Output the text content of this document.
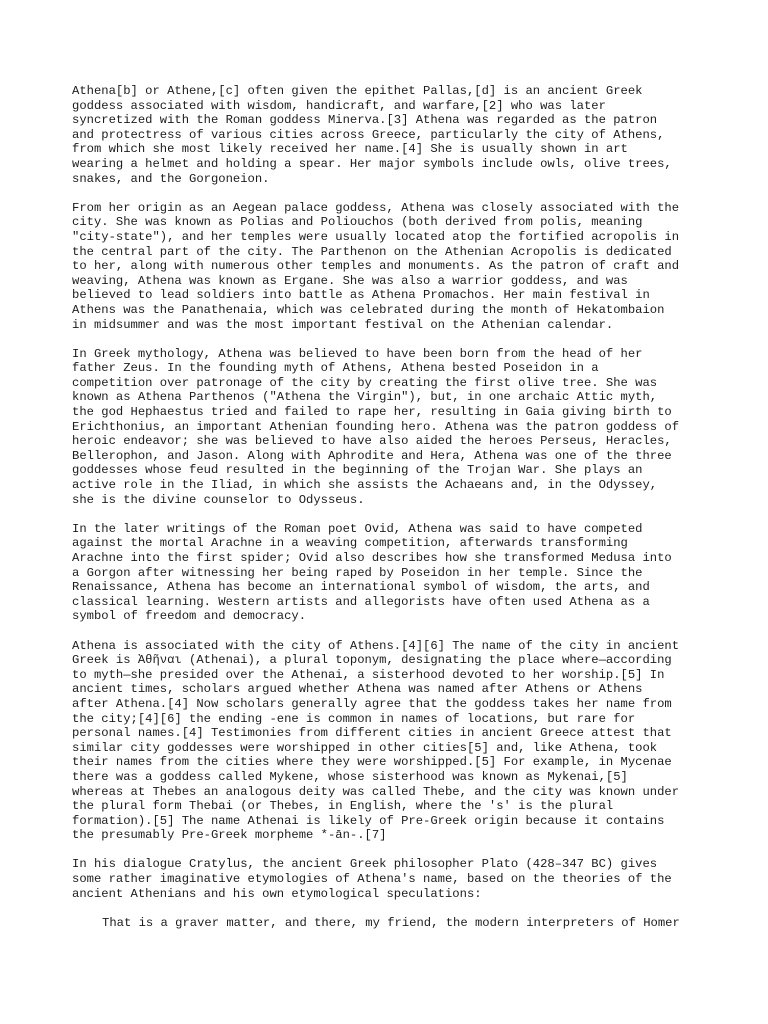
Athena[b] or Athene,[c] often given the epithet Pallas,[d] is an ancient Greek
goddess associated with wisdom, handicraft, and warfare,[2] who was later
syncretized with the Roman goddess Minerva.[3] Athena was regarded as the patron
and protectress of various cities across Greece, particularly the city of Athens,
from which she most likely received her name.[4] She is usually shown in art
wearing a helmet and holding a spear. Her major symbols include owls, olive trees,
snakes, and the Gorgoneion.

From her origin as an Aegean palace goddess, Athena was closely associated with the
city. She was known as Polias and Poliouchos (both derived from polis, meaning
"city-state"), and her temples were usually located atop the fortified acropolis in
the central part of the city. The Parthenon on the Athenian Acropolis is dedicated
to her, along with numerous other temples and monuments. As the patron of craft and
weaving, Athena was known as Ergane. She was also a warrior goddess, and was
believed to lead soldiers into battle as Athena Promachos. Her main festival in
Athens was the Panathenaia, which was celebrated during the month of Hekatombaion
in midsummer and was the most important festival on the Athenian calendar.

In Greek mythology, Athena was believed to have been born from the head of her
father Zeus. In the founding myth of Athens, Athena bested Poseidon in a
competition over patronage of the city by creating the first olive tree. She was
known as Athena Parthenos ("Athena the Virgin"), but, in one archaic Attic myth,
the god Hephaestus tried and failed to rape her, resulting in Gaia giving birth to
Erichthonius, an important Athenian founding hero. Athena was the patron goddess of
heroic endeavor; she was believed to have also aided the heroes Perseus, Heracles,
Bellerophon, and Jason. Along with Aphrodite and Hera, Athena was one of the three
goddesses whose feud resulted in the beginning of the Trojan War. She plays an
active role in the Iliad, in which she assists the Achaeans and, in the Odyssey,
she is the divine counselor to Odysseus.

In the later writings of the Roman poet Ovid, Athena was said to have competed
against the mortal Arachne in a weaving competition, afterwards transforming
Arachne into the first spider; Ovid also describes how she transformed Medusa into
a Gorgon after witnessing her being raped by Poseidon in her temple. Since the
Renaissance, Athena has become an international symbol of wisdom, the arts, and
classical learning. Western artists and allegorists have often used Athena as a
symbol of freedom and democracy.

Athena is associated with the city of Athens.[4][6] The name of the city in ancient
Greek is Ἀθῆναι (Athenai), a plural toponym, designating the place where—according
to myth—she presided over the Athenai, a sisterhood devoted to her worship.[5] In
ancient times, scholars argued whether Athena was named after Athens or Athens
after Athena.[4] Now scholars generally agree that the goddess takes her name from
the city;[4][6] the ending -ene is common in names of locations, but rare for
personal names.[4] Testimonies from different cities in ancient Greece attest that
similar city goddesses were worshipped in other cities[5] and, like Athena, took
their names from the cities where they were worshipped.[5] For example, in Mycenae
there was a goddess called Mykene, whose sisterhood was known as Mykenai,[5]
whereas at Thebes an analogous deity was called Thebe, and the city was known under
the plural form Thebai (or Thebes, in English, where the 's' is the plural
formation).[5] The name Athenai is likely of Pre-Greek origin because it contains
the presumably Pre-Greek morpheme *-ān-.[7]

In his dialogue Cratylus, the ancient Greek philosopher Plato (428–347 BC) gives
some rather imaginative etymologies of Athena's name, based on the theories of the
ancient Athenians and his own etymological speculations:

That is a graver matter, and there, my friend, the modern interpreters of Homer
